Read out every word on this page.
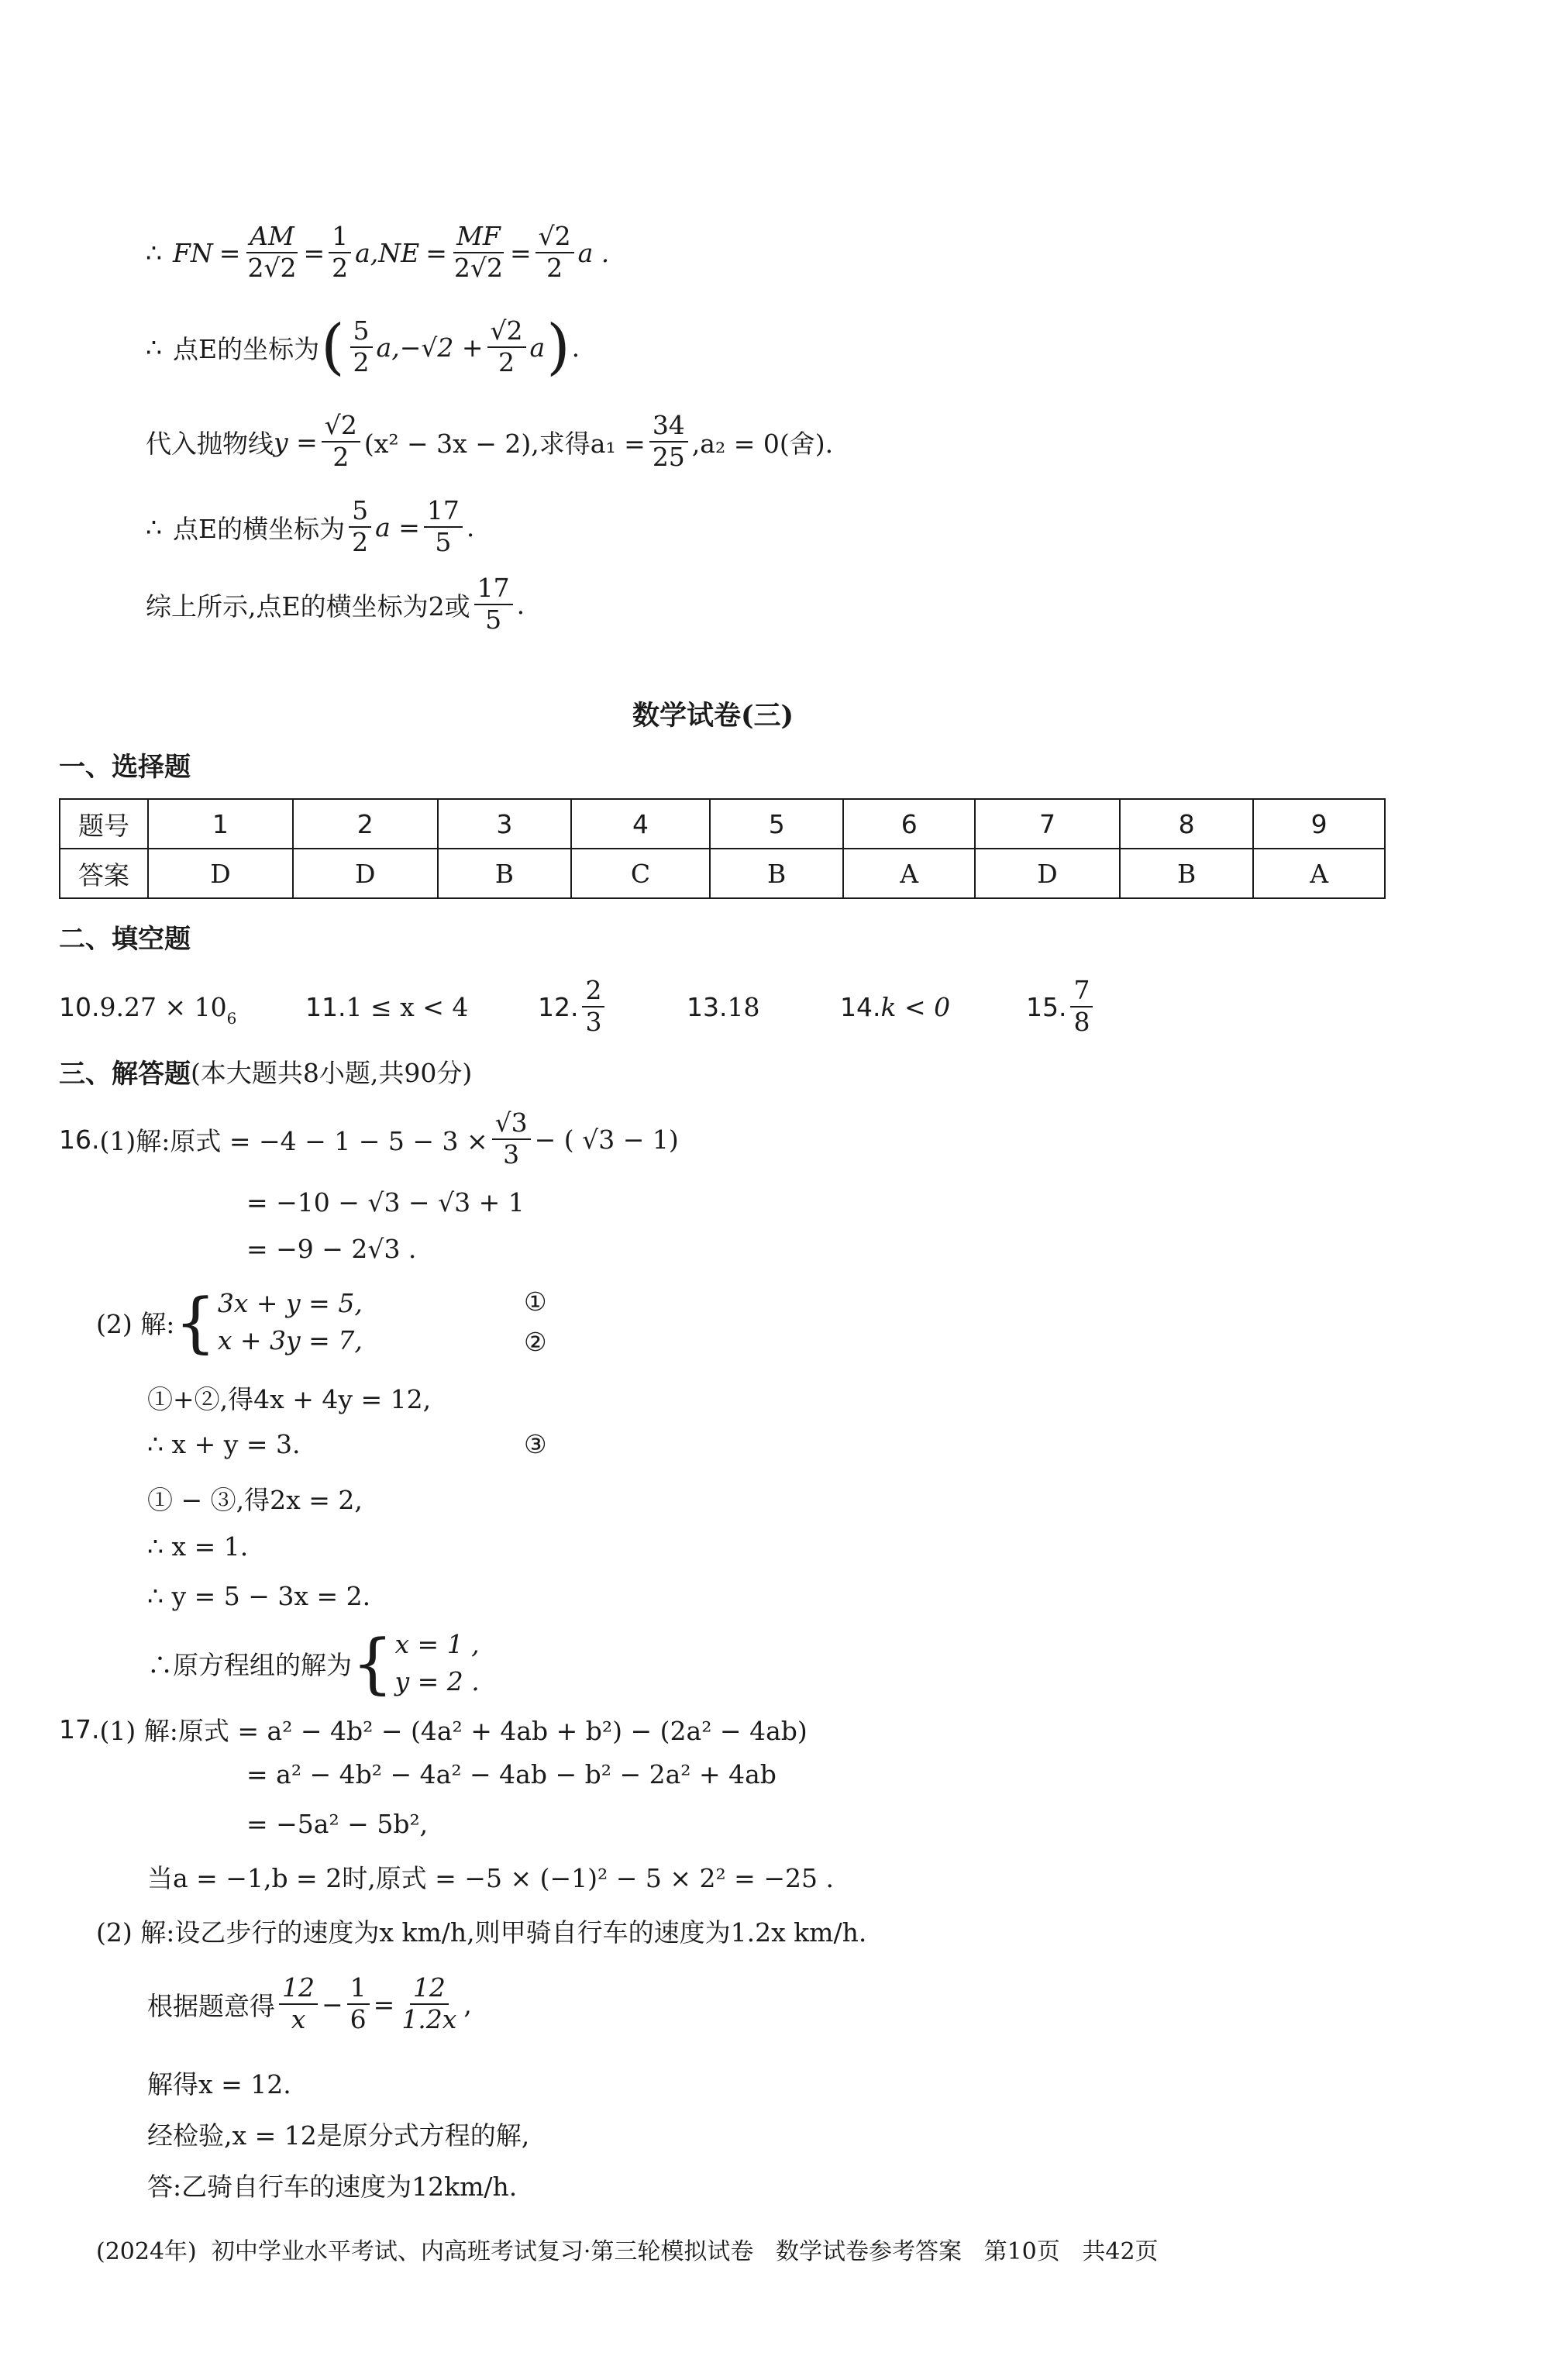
∴ FN = $\frac{AM}{2√2} = \frac{1}{2} a,NE = \frac{MF}{2√2} = \frac{√2}{2}$ a .
∴ 点E的坐标为 ( 5
2 $a,-√2 + \frac{√2}{2}$ a ) .
代入抛物线 $y = \frac{√2}{2} (x^2 - 3x - 2)$,求得$a_1 = \frac{34}{25} ,a_2 = 0$(舍).
∴ 点E的横坐标为
5
2 $a = \frac{17}{5}$ .
综上所示,点E的横坐标为2或
17
5 .
数学试卷(三)
一、选择题
题号	1	2	3	4	5	6	7	8	9
答案	D	D	B	C	B	A	D	B	A
二、填空题
10. $9.27 \times 10_6$	11. 1 ≤ x < 4	12.
2
3	13. 18	14. k < 0	15.
7
8
三、解答题 (本大题共8小题,共90分)
16. (1)解:原式 = $-4 - 1 - 5 - 3 \times \frac{√3}{3}$ − ( √3 − 1)
= −10 − √3 − √3 + 1
= −9 − 2√3 .
(2) 解: { 3x + y = 5,
x + 3y = 7,
①
②
①+②,得4x + 4y = 12,
∴ x + y = 3.	③
① − ③,得2x = 2,
∴ x = 1.
∴ y = 5 − 3x = 2.
∴原方程组的解为 { x = 1 ,
y = 2 .
17. (1) 解:原式 = a² − 4b² − (4a² + 4ab + b²) − (2a² − 4ab)
= a² − 4b² − 4a² − 4ab − b² − 2a² + 4ab
= −5a² − 5b²,
当a = −1,b = 2时,原式 = −5 × (−1)² − 5 × 2² = −25 .
(2) 解:设乙步行的速度为x km/h,则甲骑自行车的速度为1.2x km/h.
根据题意得
12
$x - \frac{1}{6} = \frac{12}{1.2x}$ ,
解得x = 12.
经检验,x = 12是原分式方程的解,
答:乙骑自行车的速度为12km/h.
(2024年)  初中学业水平考试、内高班考试复习·第三轮模拟试卷   数学试卷参考答案   第10页   共42页
